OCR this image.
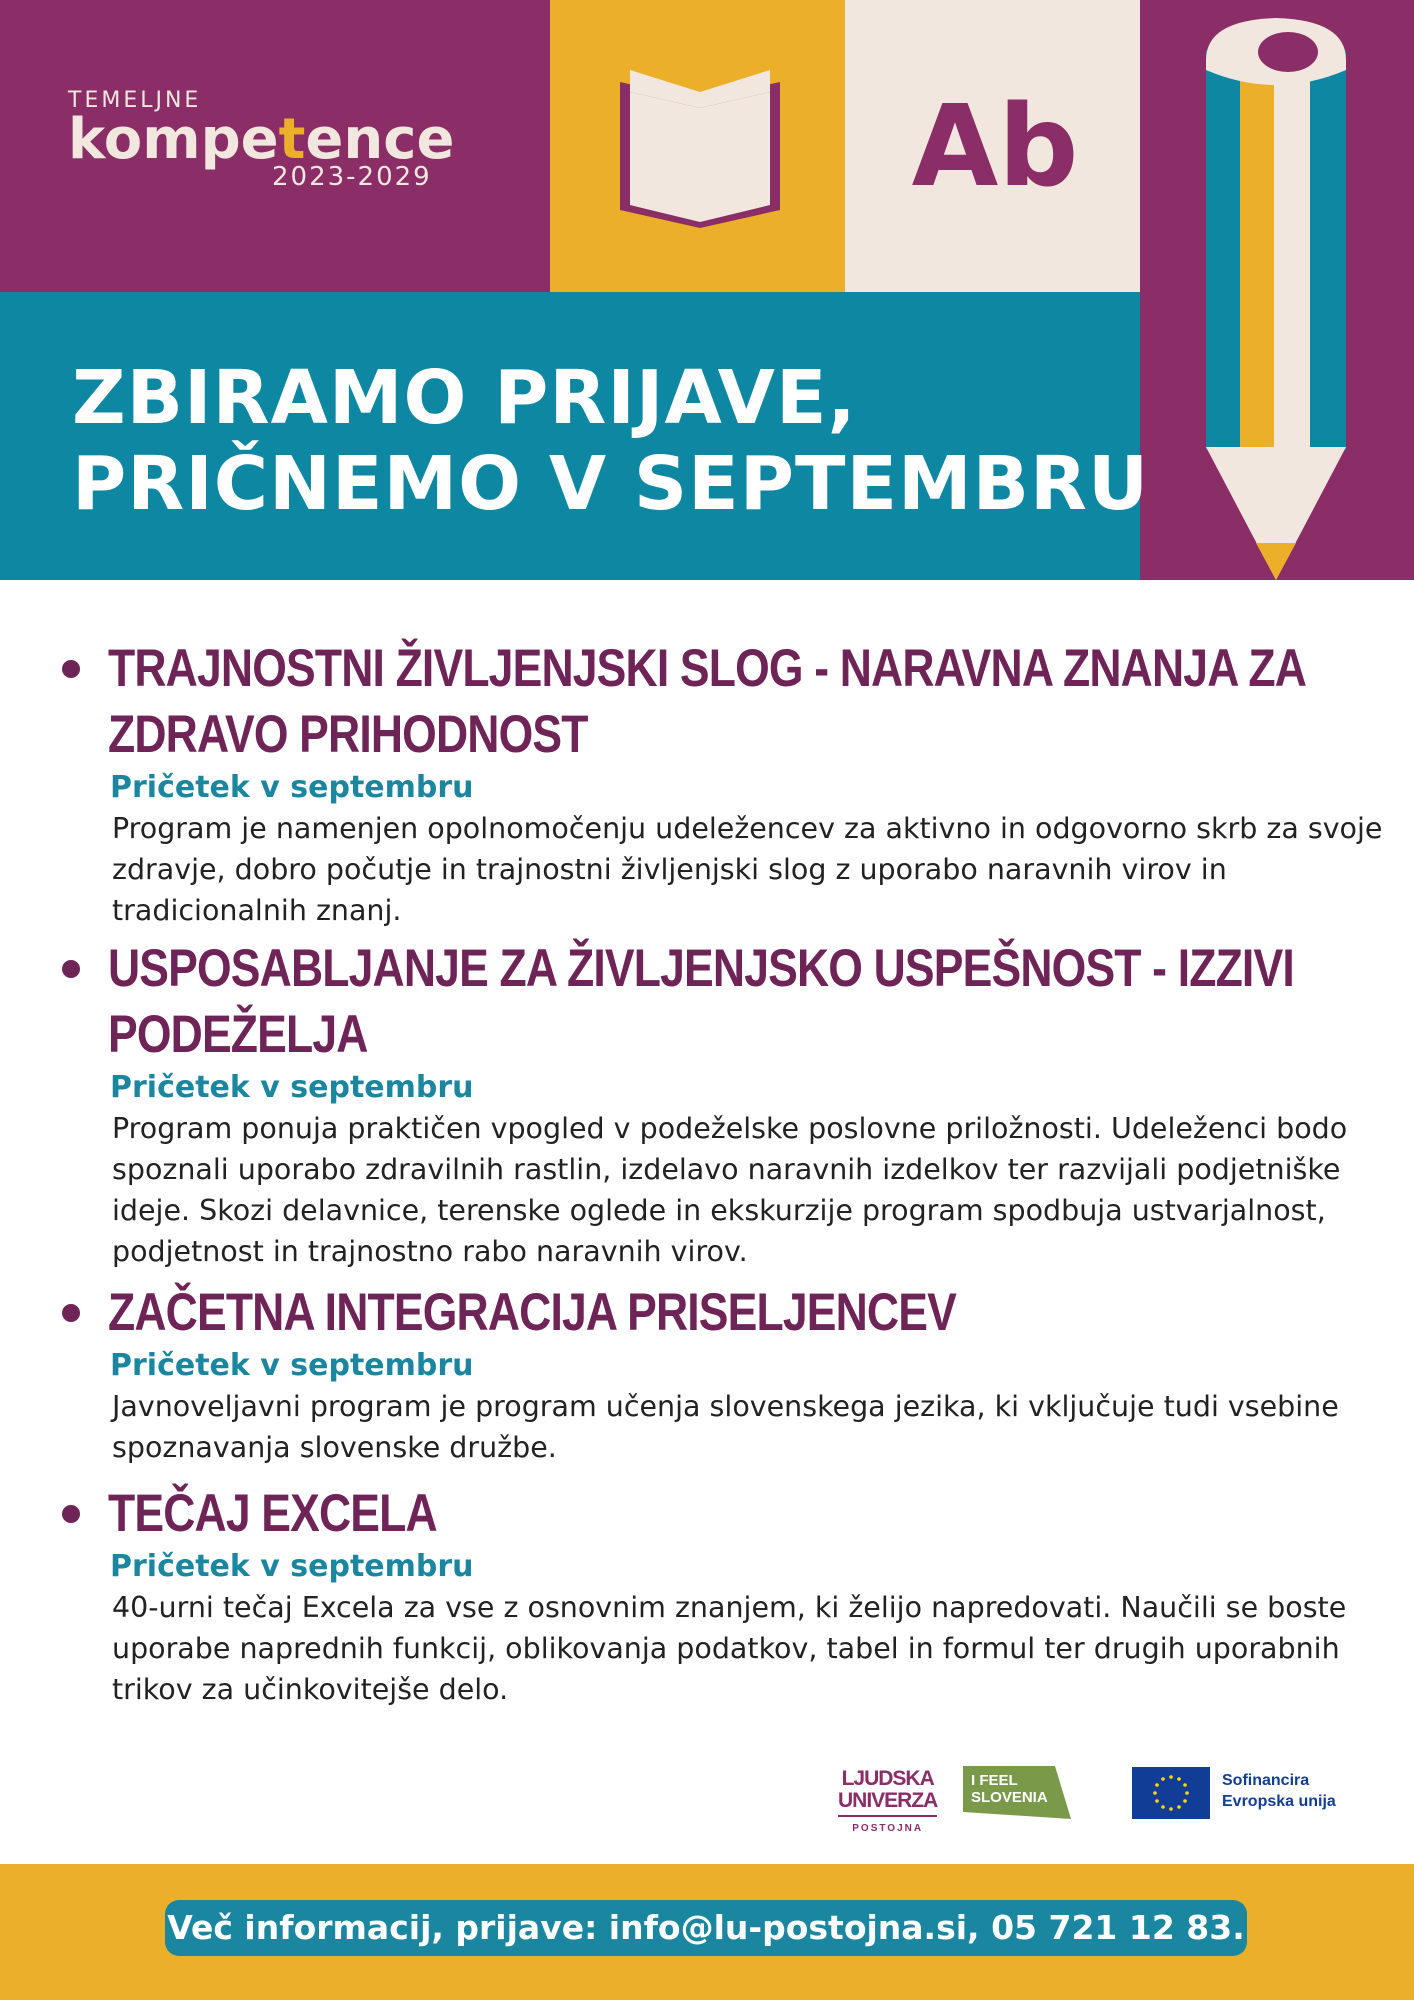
TEMELJNE
kompetence
2023-2029	Ab
ZBIRAMO PRIJAVE,
PRIČNEMO V SEPTEMBRU
TRAJNOSTNI ŽIVLJENJSKI SLOG - NARAVNA ZNANJA ZA ZDRAVO PRIHODNOST
Pričetek v septembru
Program je namenjen opolnomočenju udeležencev za aktivno in odgovorno skrb za svoje zdravje, dobro počutje in trajnostni življenjski slog z uporabo naravnih virov in tradicionalnih znanj.
USPOSABLJANJE ZA ŽIVLJENJSKO USPEŠNOST - IZZIVI PODEŽELJA
Pričetek v septembru
Program ponuja praktičen vpogled v podeželske poslovne priložnosti. Udeleženci bodo spoznali uporabo zdravilnih rastlin, izdelavo naravnih izdelkov ter razvijali podjetniške ideje. Skozi delavnice, terenske oglede in ekskurzije program spodbuja ustvarjalnost, podjetnost in trajnostno rabo naravnih virov.
ZAČETNA INTEGRACIJA PRISELJENCEV
Pričetek v septembru
Javnoveljavni program je program učenja slovenskega jezika, ki vključuje tudi vsebine spoznavanja slovenske družbe.
TEČAJ EXCELA
Pričetek v septembru
40-urni tečaj Excela za vse z osnovnim znanjem, ki želijo napredovati. Naučili se boste uporabe naprednih funkcij, oblikovanja podatkov, tabel in formul ter drugih uporabnih trikov za učinkovitejše delo.
LJUDSKA
UNIVERZA
POSTOJNA
I FEEL
SLOVENIA
Sofinancira
Evropska unija
Več informacij, prijave: info@lu-postojna.si, 05 721 12 83.
